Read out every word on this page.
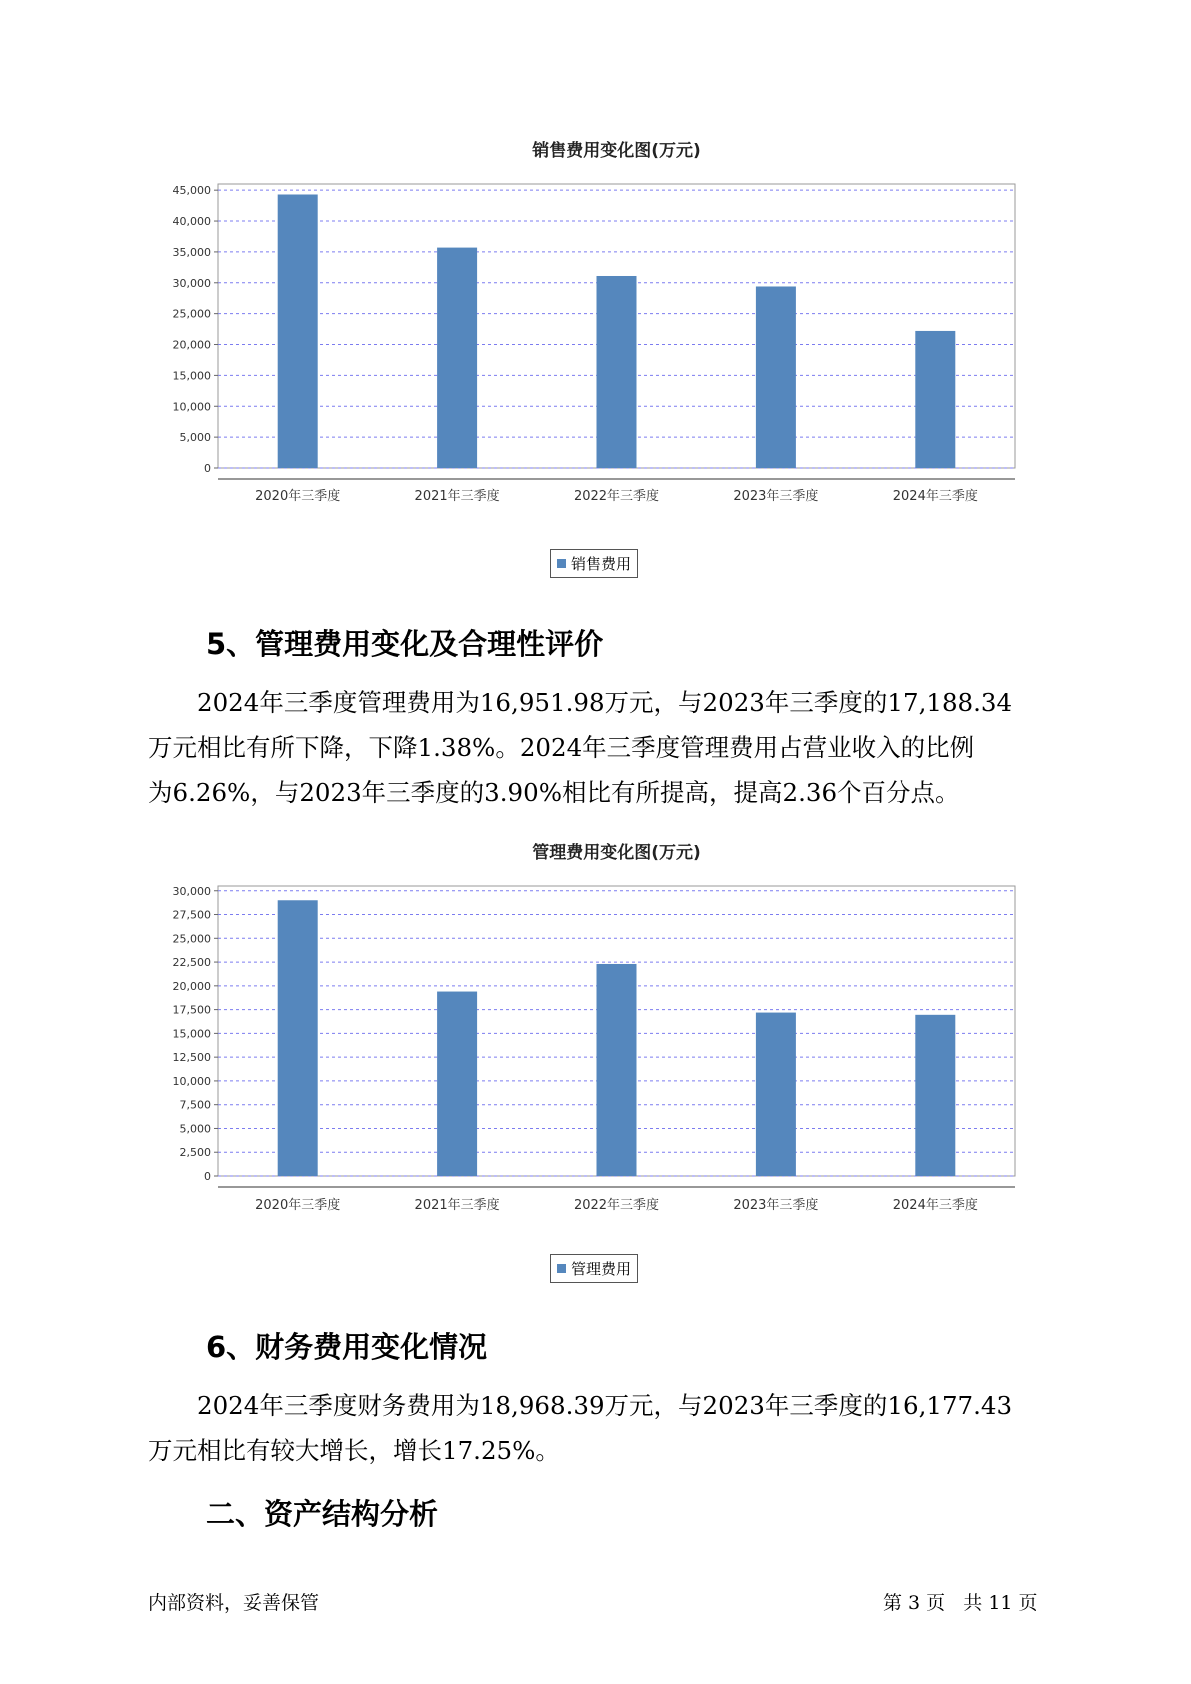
销售费用变化图(万元)
0
5,000
10,000
15,000
20,000
25,000
30,000
35,000
40,000
45,000
2020年三季度	2021年三季度	2022年三季度	2023年三季度	2024年三季度
销售费用
5、管理费用变化及合理性评价

2024年三季度管理费用为16,951.98万元，与2023年三季度的17,188.34

万元相比有所下降，下降1.38%。2024年三季度管理费用占营业收入的比例

为6.26%，与2023年三季度的3.90%相比有所提高，提高2.36个百分点。

管理费用变化图(万元)
0
2,500
5,000
7,500
10,000
12,500
15,000
17,500
20,000
22,500
25,000
27,500
30,000
2020年三季度	2021年三季度	2022年三季度	2023年三季度	2024年三季度
管理费用
6、财务费用变化情况

2024年三季度财务费用为18,968.39万元，与2023年三季度的16,177.43

万元相比有较大增长，增长17.25%。

二、资产结构分析
内部资料，妥善保管	第 3 页   共 11 页
